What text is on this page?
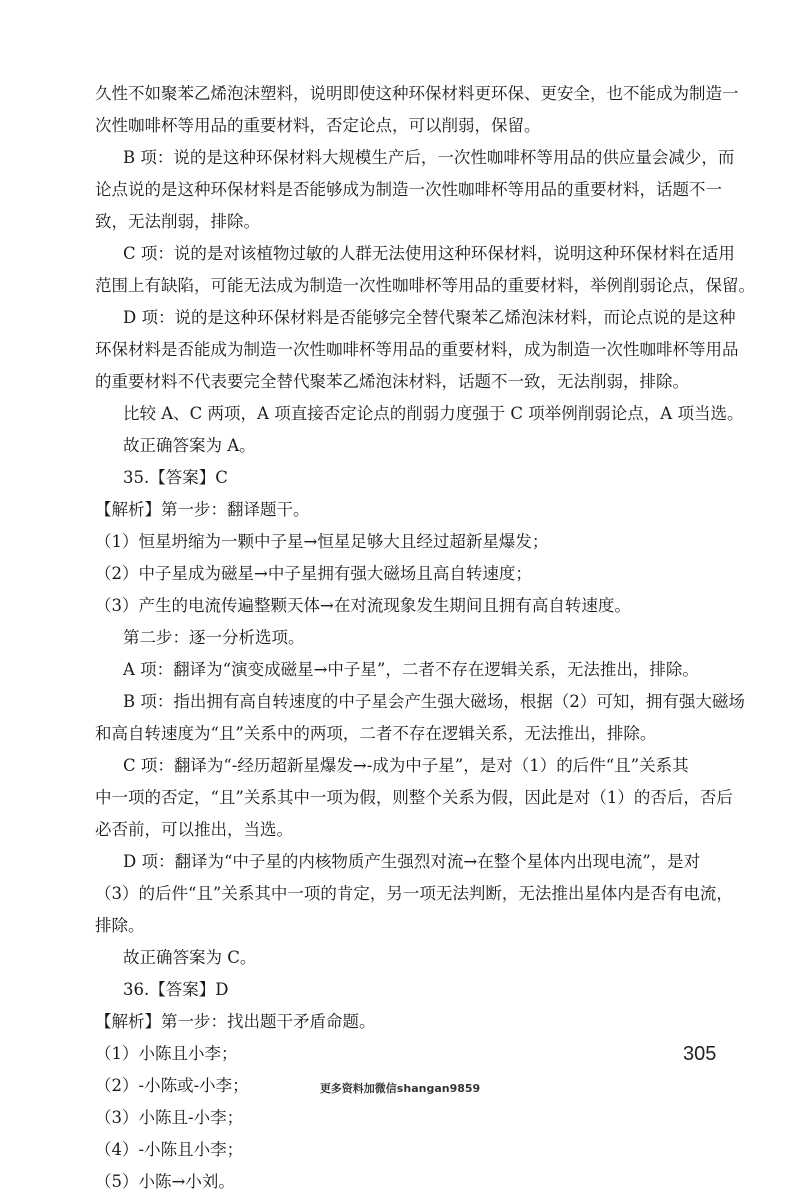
久性不如聚苯乙烯泡沫塑料，说明即使这种环保材料更环保、更安全，也不能成为制造一

次性咖啡杯等用品的重要材料，否定论点，可以削弱，保留。

B 项：说的是这种环保材料大规模生产后，一次性咖啡杯等用品的供应量会减少，而

论点说的是这种环保材料是否能够成为制造一次性咖啡杯等用品的重要材料，话题不一

致，无法削弱，排除。

C 项：说的是对该植物过敏的人群无法使用这种环保材料，说明这种环保材料在适用

范围上有缺陷，可能无法成为制造一次性咖啡杯等用品的重要材料，举例削弱论点，保留。

D 项：说的是这种环保材料是否能够完全替代聚苯乙烯泡沫材料，而论点说的是这种

环保材料是否能成为制造一次性咖啡杯等用品的重要材料，成为制造一次性咖啡杯等用品

的重要材料不代表要完全替代聚苯乙烯泡沫材料，话题不一致，无法削弱，排除。

比较 A、C 两项，A 项直接否定论点的削弱力度强于 C 项举例削弱论点，A 项当选。

故正确答案为 A。

35.【答案】C

【解析】第一步：翻译题干。

（1）恒星坍缩为一颗中子星→恒星足够大且经过超新星爆发；

（2）中子星成为磁星→中子星拥有强大磁场且高自转速度；

（3）产生的电流传遍整颗天体→在对流现象发生期间且拥有高自转速度。

第二步：逐一分析选项。

A 项：翻译为“演变成磁星→中子星”，二者不存在逻辑关系，无法推出，排除。

B 项：指出拥有高自转速度的中子星会产生强大磁场，根据（2）可知，拥有强大磁场

和高自转速度为“且”关系中的两项，二者不存在逻辑关系，无法推出，排除。

C 项：翻译为“-经历超新星爆发→-成为中子星”，是对（1）的后件“且”关系其

中一项的否定，“且”关系其中一项为假，则整个关系为假，因此是对（1）的否后，否后

必否前，可以推出，当选。

D 项：翻译为“中子星的内核物质产生强烈对流→在整个星体内出现电流”，是对

（3）的后件“且”关系其中一项的肯定，另一项无法判断，无法推出星体内是否有电流，

排除。

故正确答案为 C。

36.【答案】D

【解析】第一步：找出题干矛盾命题。

（1）小陈且小李；

（2）-小陈或-小李；

（3）小陈且-小李；

（4）-小陈且小李；

（5）小陈→小刘。

305
更多资料加微信shangan9859
